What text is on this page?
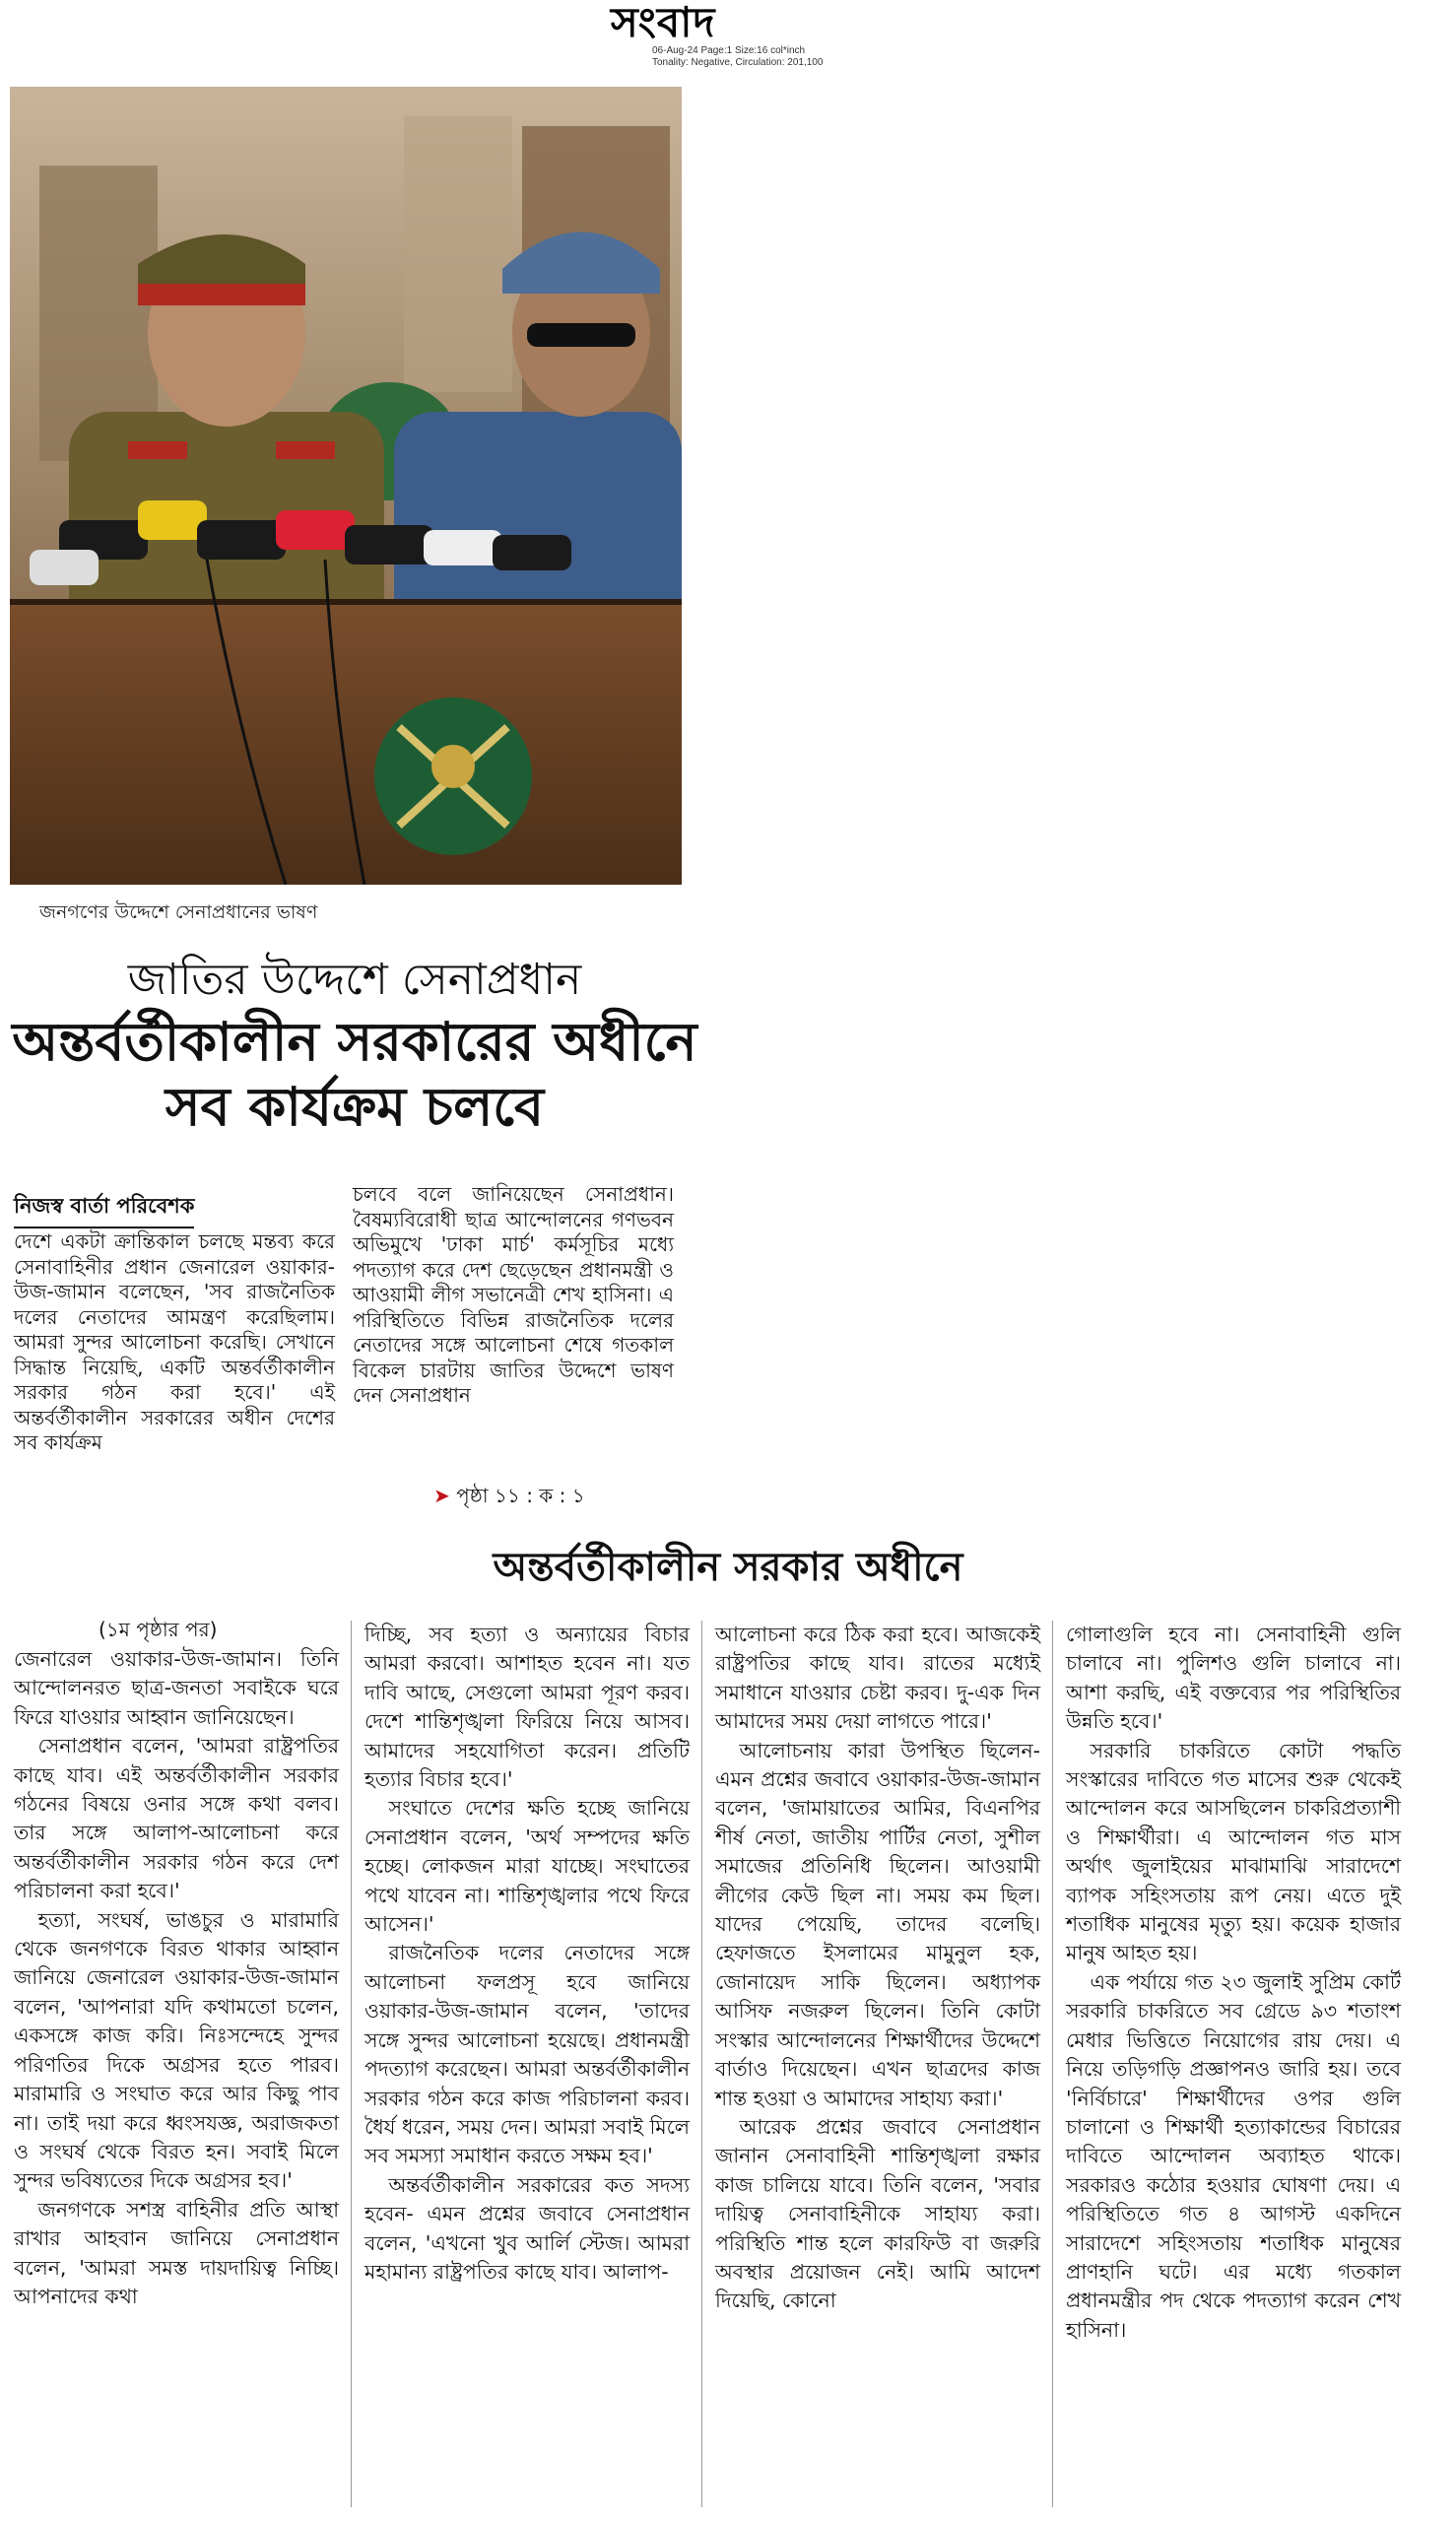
সংবাদ
06-Aug-24 Page:1 Size:16 col*inch
Tonality: Negative, Circulation: 201,100
জনগণের উদ্দেশে সেনাপ্রধানের ভাষণ
জাতির উদ্দেশে সেনাপ্রধান
অন্তর্বর্তীকালীন সরকারের অধীনে
সব কার্যক্রম চলবে
নিজস্ব বার্তা পরিবেশক
দেশে একটা ক্রান্তিকাল চলছে মন্তব্য করে সেনাবাহিনীর প্রধান জেনারেল ওয়াকার-উজ-জামান বলেছেন, 'সব রাজনৈতিক দলের নেতাদের আমন্ত্রণ করেছিলাম। আমরা সুন্দর আলোচনা করেছি। সেখানে সিদ্ধান্ত নিয়েছি, একটি অন্তর্বর্তীকালীন সরকার গঠন করা হবে।' এই অন্তর্বর্তীকালীন সরকারের অধীন দেশের সব কার্যক্রম
চলবে বলে জানিয়েছেন সেনাপ্রধান। বৈষম্যবিরোধী ছাত্র আন্দোলনের গণভবন অভিমুখে 'ঢাকা মার্চ' কর্মসূচির মধ্যে পদত্যাগ করে দেশ ছেড়েছেন প্রধানমন্ত্রী ও আওয়ামী লীগ সভানেত্রী শেখ হাসিনা। এ পরিস্থিতিতে বিভিন্ন রাজনৈতিক দলের নেতাদের সঙ্গে আলোচনা শেষে গতকাল বিকেল চারটায় জাতির উদ্দেশে ভাষণ দেন সেনাপ্রধান
➤ পৃষ্ঠা ১১ : ক : ১
অন্তর্বর্তীকালীন সরকার অধীনে
(১ম পৃষ্ঠার পর)

জেনারেল ওয়াকার-উজ-জামান। তিনি আন্দোলনরত ছাত্র-জনতা সবাইকে ঘরে ফিরে যাওয়ার আহ্বান জানিয়েছেন।

সেনাপ্রধান বলেন, 'আমরা রাষ্ট্রপতির কাছে যাব। এই অন্তর্বর্তীকালীন সরকার গঠনের বিষয়ে ওনার সঙ্গে কথা বলব। তার সঙ্গে আলাপ-আলোচনা করে অন্তর্বর্তীকালীন সরকার গঠন করে দেশ পরিচালনা করা হবে।'

হত্যা, সংঘর্ষ, ভাঙচুর ও মারামারি থেকে জনগণকে বিরত থাকার আহ্বান জানিয়ে জেনারেল ওয়াকার-উজ-জামান বলেন, 'আপনারা যদি কথামতো চলেন, একসঙ্গে কাজ করি। নিঃসন্দেহে সুন্দর পরিণতির দিকে অগ্রসর হতে পারব। মারামারি ও সংঘাত করে আর কিছু পাব না। তাই দয়া করে ধ্বংসযজ্ঞ, অরাজকতা ও সংঘর্ষ থেকে বিরত হন। সবাই মিলে সুন্দর ভবিষ্যতের দিকে অগ্রসর হব।'

জনগণকে সশস্ত্র বাহিনীর প্রতি আস্থা রাখার আহবান জানিয়ে সেনাপ্রধান বলেন, 'আমরা সমস্ত দায়দায়িত্ব নিচ্ছি। আপনাদের কথা

দিচ্ছি, সব হত্যা ও অন্যায়ের বিচার আমরা করবো। আশাহত হবেন না। যত দাবি আছে, সেগুলো আমরা পূরণ করব। দেশে শান্তিশৃঙ্খলা ফিরিয়ে নিয়ে আসব। আমাদের সহযোগিতা করেন। প্রতিটি হত্যার বিচার হবে।'

সংঘাতে দেশের ক্ষতি হচ্ছে জানিয়ে সেনাপ্রধান বলেন, 'অর্থ সম্পদের ক্ষতি হচ্ছে। লোকজন মারা যাচ্ছে। সংঘাতের পথে যাবেন না। শান্তিশৃঙ্খলার পথে ফিরে আসেন।'

রাজনৈতিক দলের নেতাদের সঙ্গে আলোচনা ফলপ্রসূ হবে জানিয়ে ওয়াকার-উজ-জামান বলেন, 'তাদের সঙ্গে সুন্দর আলোচনা হয়েছে। প্রধানমন্ত্রী পদত্যাগ করেছেন। আমরা অন্তর্বর্তীকালীন সরকার গঠন করে কাজ পরিচালনা করব। ধৈর্য ধরেন, সময় দেন। আমরা সবাই মিলে সব সমস্যা সমাধান করতে সক্ষম হব।'

অন্তর্বর্তীকালীন সরকারের কত সদস্য হবেন- এমন প্রশ্নের জবাবে সেনাপ্রধান বলেন, 'এখনো খুব আর্লি স্টেজ। আমরা মহামান্য রাষ্ট্রপতির কাছে যাব। আলাপ-

আলোচনা করে ঠিক করা হবে। আজকেই রাষ্ট্রপতির কাছে যাব। রাতের মধ্যেই সমাধানে যাওয়ার চেষ্টা করব। দু-এক দিন আমাদের সময় দেয়া লাগতে পারে।'

আলোচনায় কারা উপস্থিত ছিলেন- এমন প্রশ্নের জবাবে ওয়াকার-উজ-জামান বলেন, 'জামায়াতের আমির, বিএনপির শীর্ষ নেতা, জাতীয় পার্টির নেতা, সুশীল সমাজের প্রতিনিধি ছিলেন। আওয়ামী লীগের কেউ ছিল না। সময় কম ছিল। যাদের পেয়েছি, তাদের বলেছি। হেফাজতে ইসলামের মামুনুল হক, জোনায়েদ সাকি ছিলেন। অধ্যাপক আসিফ নজরুল ছিলেন। তিনি কোটা সংস্কার আন্দোলনের শিক্ষার্থীদের উদ্দেশে বার্তাও দিয়েছেন। এখন ছাত্রদের কাজ শান্ত হওয়া ও আমাদের সাহায্য করা।'

আরেক প্রশ্নের জবাবে সেনাপ্রধান জানান সেনাবাহিনী শান্তিশৃঙ্খলা রক্ষার কাজ চালিয়ে যাবে। তিনি বলেন, 'সবার দায়িত্ব সেনাবাহিনীকে সাহায্য করা। পরিস্থিতি শান্ত হলে কারফিউ বা জরুরি অবস্থার প্রয়োজন নেই। আমি আদেশ দিয়েছি, কোনো

গোলাগুলি হবে না। সেনাবাহিনী গুলি চালাবে না। পুলিশও গুলি চালাবে না। আশা করছি, এই বক্তব্যের পর পরিস্থিতির উন্নতি হবে।'

সরকারি চাকরিতে কোটা পদ্ধতি সংস্কারের দাবিতে গত মাসের শুরু থেকেই আন্দোলন করে আসছিলেন চাকরিপ্রত্যাশী ও শিক্ষার্থীরা। এ আন্দোলন গত মাস অর্থাৎ জুলাইয়ের মাঝামাঝি সারাদেশে ব্যাপক সহিংসতায় রূপ নেয়। এতে দুই শতাধিক মানুষের মৃত্যু হয়। কয়েক হাজার মানুষ আহত হয়।

এক পর্যায়ে গত ২৩ জুলাই সুপ্রিম কোর্ট সরকারি চাকরিতে সব গ্রেডে ৯৩ শতাংশ মেধার ভিত্তিতে নিয়োগের রায় দেয়। এ নিয়ে তড়িগড়ি প্রজ্ঞাপনও জারি হয়। তবে 'নির্বিচারে' শিক্ষার্থীদের ওপর গুলি চালানো ও শিক্ষার্থী হত্যাকান্ডের বিচারের দাবিতে আন্দোলন অব্যাহত থাকে। সরকারও কঠোর হওয়ার ঘোষণা দেয়। এ পরিস্থিতিতে গত ৪ আগস্ট একদিনে সারাদেশে সহিংসতায় শতাধিক মানুষের প্রাণহানি ঘটে। এর মধ্যে গতকাল প্রধানমন্ত্রীর পদ থেকে পদত্যাগ করেন শেখ হাসিনা।
